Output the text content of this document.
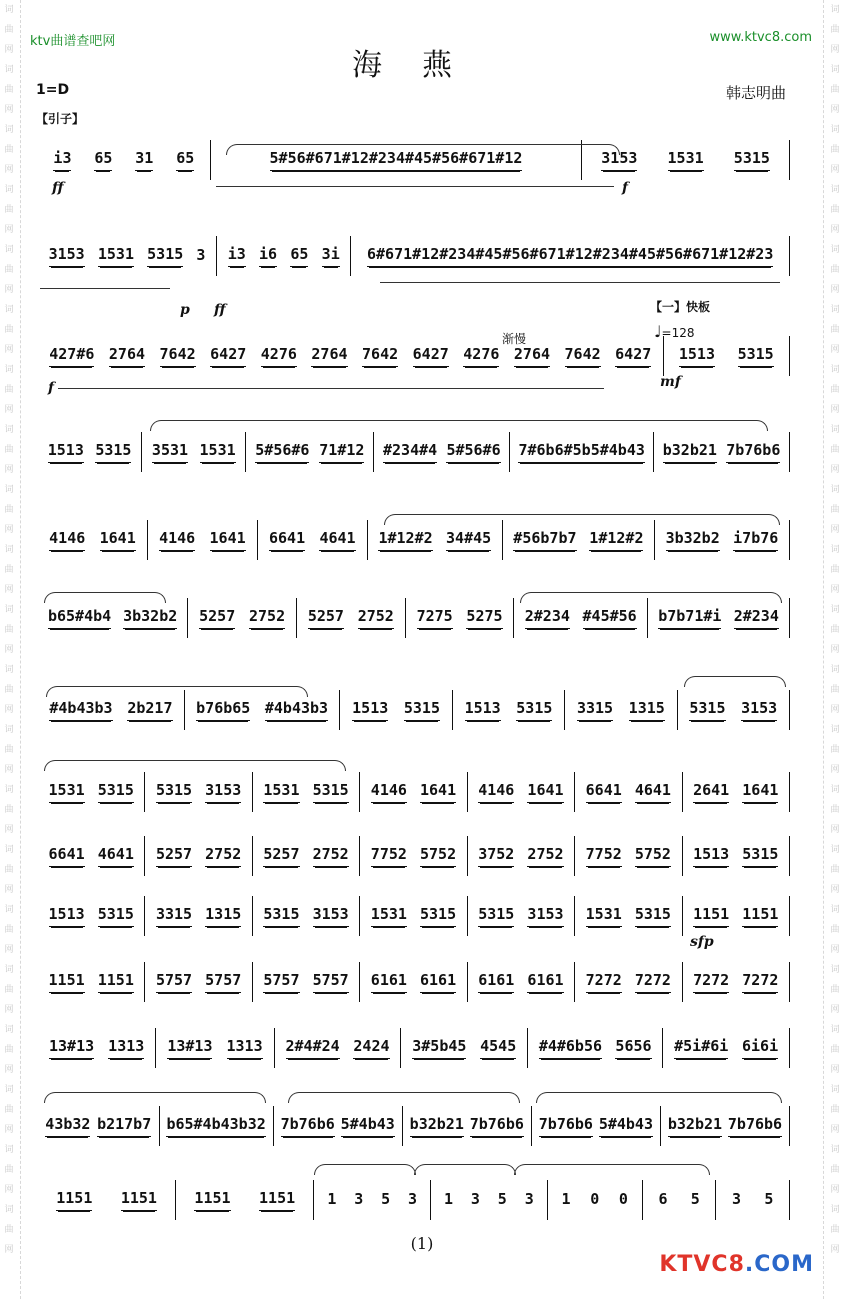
词曲网词曲网词曲网词曲网词曲网词曲网词曲网词曲网词曲网词曲网词曲网词曲网词曲网词曲网词曲网词曲网词曲网词曲网词曲网词曲网词曲网
词曲网词曲网词曲网词曲网词曲网词曲网词曲网词曲网词曲网词曲网词曲网词曲网词曲网词曲网词曲网词曲网词曲网词曲网词曲网词曲网词曲网
ktv曲谱查吧网	www.ktvc8.com
海燕
1=D	韩志明曲
【引子】
【一】快板
♩=128
渐慢
i3 65 31 65	5#56#671#12#234#45#56#671#12	3153 1531 5315
3153 1531 5315 3 i3 i6 65 3i 6#671#12#234#45#56#671#12#234#45#56#671#12#23
427#6 2764 7642 6427 4276 2764 7642 6427 4276 2764 7642 6427 1513 5315
1513 5315 3531 1531 5#56#6 71#12 #234#4 5#56#6 7#6b6#5b5#4b43 b32b21 7b76b6
4146 1641 4146 1641 6641 4641 1#12#2 34#45 #56b7b7 1#12#2 3b32b2 i7b76
b65#4b4 3b32b2 5257 2752 5257 2752 7275 5275 2#234 #45#56 b7b71#i 2#234
#4b43b3 2b217 b76b65 #4b43b3 1513 5315 1513 5315 3315 1315 5315 3153
1531 5315 5315 3153 1531 5315 4146 1641 4146 1641 6641 4641 2641 1641
6641 4641 5257 2752 5257 2752 7752 5752 3752 2752 7752 5752 1513 5315
1513 5315 3315 1315 5315 3153 1531 5315 5315 3153 1531 5315 1151 1151
1151 1151 5757 5757 5757 5757 6161 6161 6161 6161 7272 7272 7272 7272
13#13 1313 13#13 1313 2#4#24 2424 3#5b45 4545 #4#6b56 5656 #5i#6i 6i6i
43b32 b217b7 b65#4b43b32 7b76b6 5#4b43 b32b21 7b76b6 7b76b6 5#4b43 b32b21 7b76b6
1151 1151 1151 1151 1 3 5 3 1 3 5 3 1 0 0 6 5 3 5
ff	f
p ff
f	mf
sfp
(1)
KTVC8.COM
